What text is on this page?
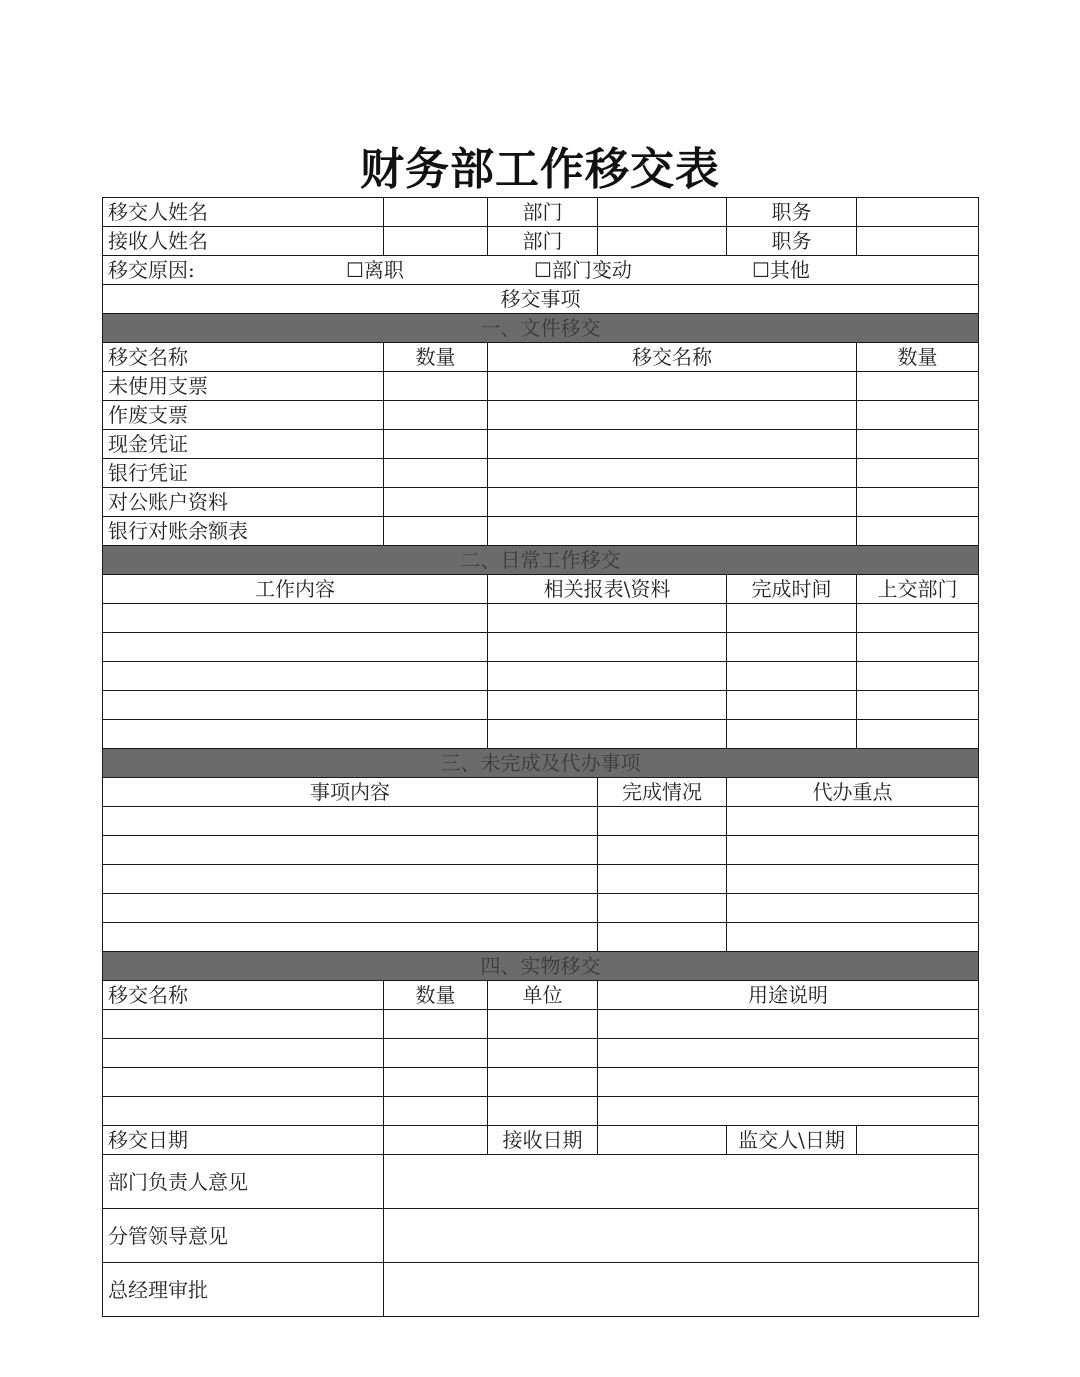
财务部工作移交表
移交人姓名		部门		职务	
接收人姓名		部门		职务	
移交原因: ☐离职 ☐部门变动 ☐其他					
移交事项					
一、文件移交					
移交名称	数量	移交名称			数量
未使用支票					
作废支票					
现金凭证					
银行凭证					
对公账户资料					
银行对账余额表					
二、日常工作移交					
工作内容		相关报表\资料		完成时间	上交部门

三、未完成及代办事项					
事项内容			完成情况	代办重点	

四、实物移交					
移交名称	数量	单位	用途说明		

移交日期		接收日期		监交人\日期	
部门负责人意见					
分管领导意见					
总经理审批					
